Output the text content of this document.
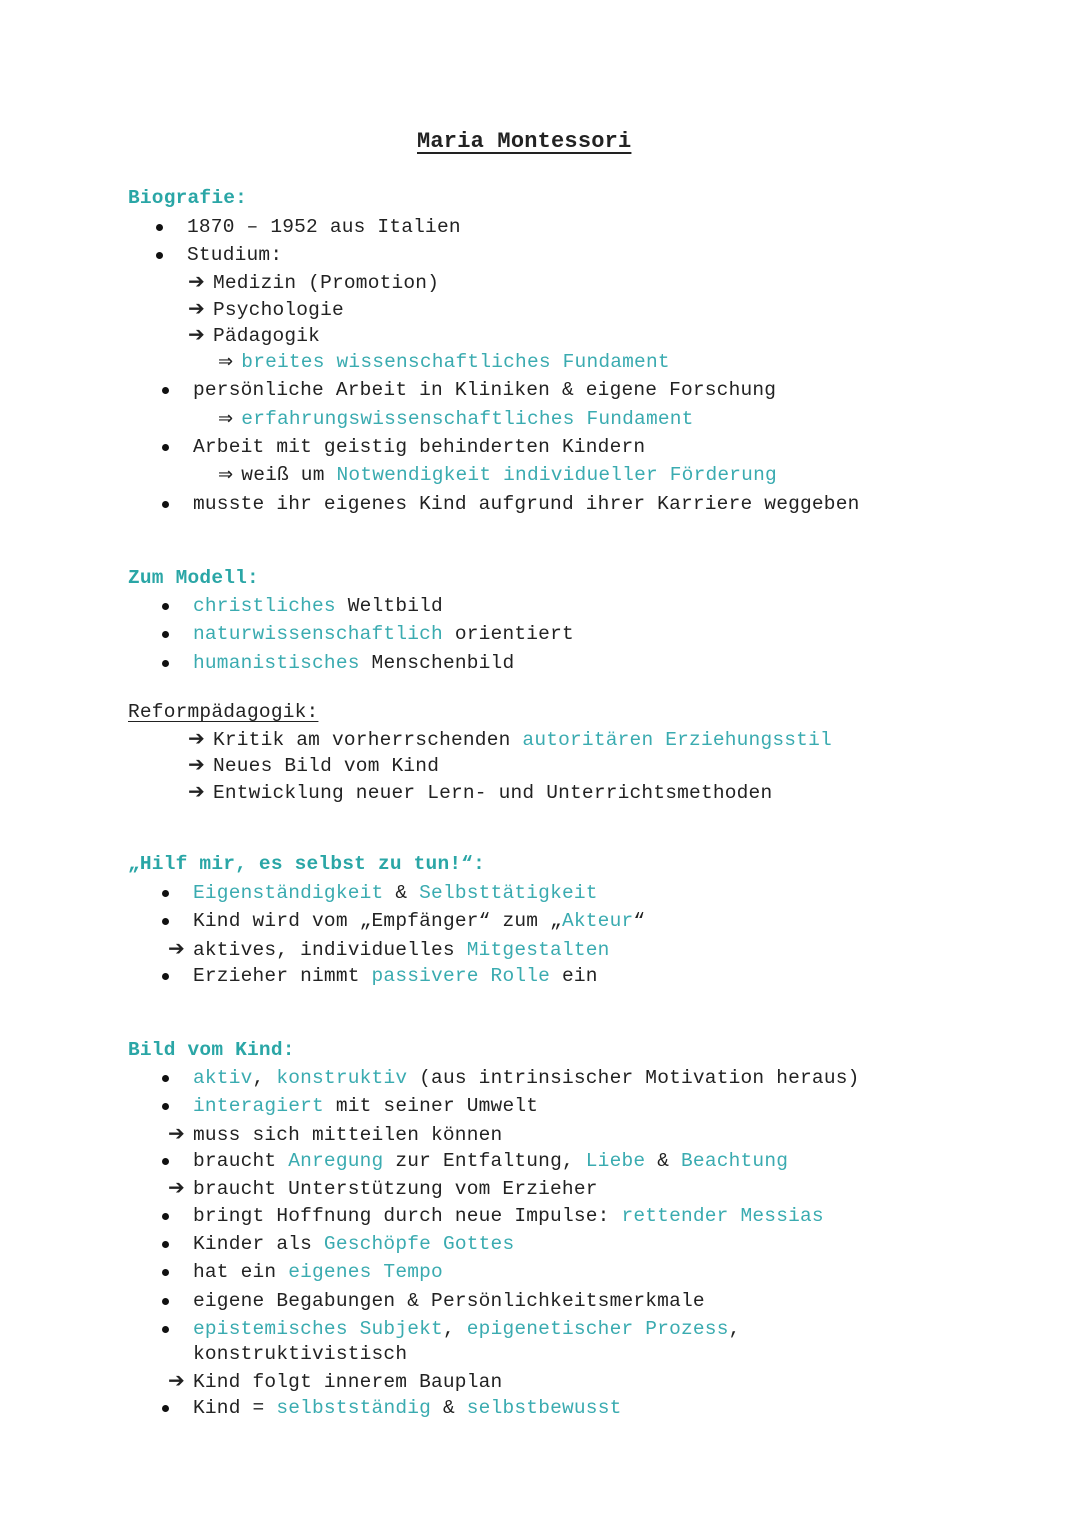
Maria Montessori
Biografie:
1870 – 1952 aus Italien
Studium:
➔ Medizin (Promotion)
➔ Psychologie
➔ Pädagogik
⇒ breites wissenschaftliches Fundament
persönliche Arbeit in Kliniken & eigene Forschung
⇒ erfahrungswissenschaftliches Fundament
Arbeit mit geistig behinderten Kindern
⇒ weiß um Notwendigkeit individueller Förderung
musste ihr eigenes Kind aufgrund ihrer Karriere weggeben
Zum Modell:
christliches Weltbild
naturwissenschaftlich orientiert
humanistisches Menschenbild
Reformpädagogik:
➔ Kritik am vorherrschenden autoritären Erziehungsstil
➔ Neues Bild vom Kind
➔ Entwicklung neuer Lern- und Unterrichtsmethoden
„Hilf mir, es selbst zu tun!“:
Eigenständigkeit & Selbsttätigkeit
Kind wird vom „Empfänger“ zum „Akteur“
➔ aktives, individuelles Mitgestalten
Erzieher nimmt passivere Rolle ein
Bild vom Kind:
aktiv, konstruktiv (aus intrinsischer Motivation heraus)
interagiert mit seiner Umwelt
➔ muss sich mitteilen können
braucht Anregung zur Entfaltung, Liebe & Beachtung
➔ braucht Unterstützung vom Erzieher
bringt Hoffnung durch neue Impulse: rettender Messias
Kinder als Geschöpfe Gottes
hat ein eigenes Tempo
eigene Begabungen & Persönlichkeitsmerkmale
epistemisches Subjekt, epigenetischer Prozess,
konstruktivistisch
➔ Kind folgt innerem Bauplan
Kind = selbstständig & selbstbewusst
